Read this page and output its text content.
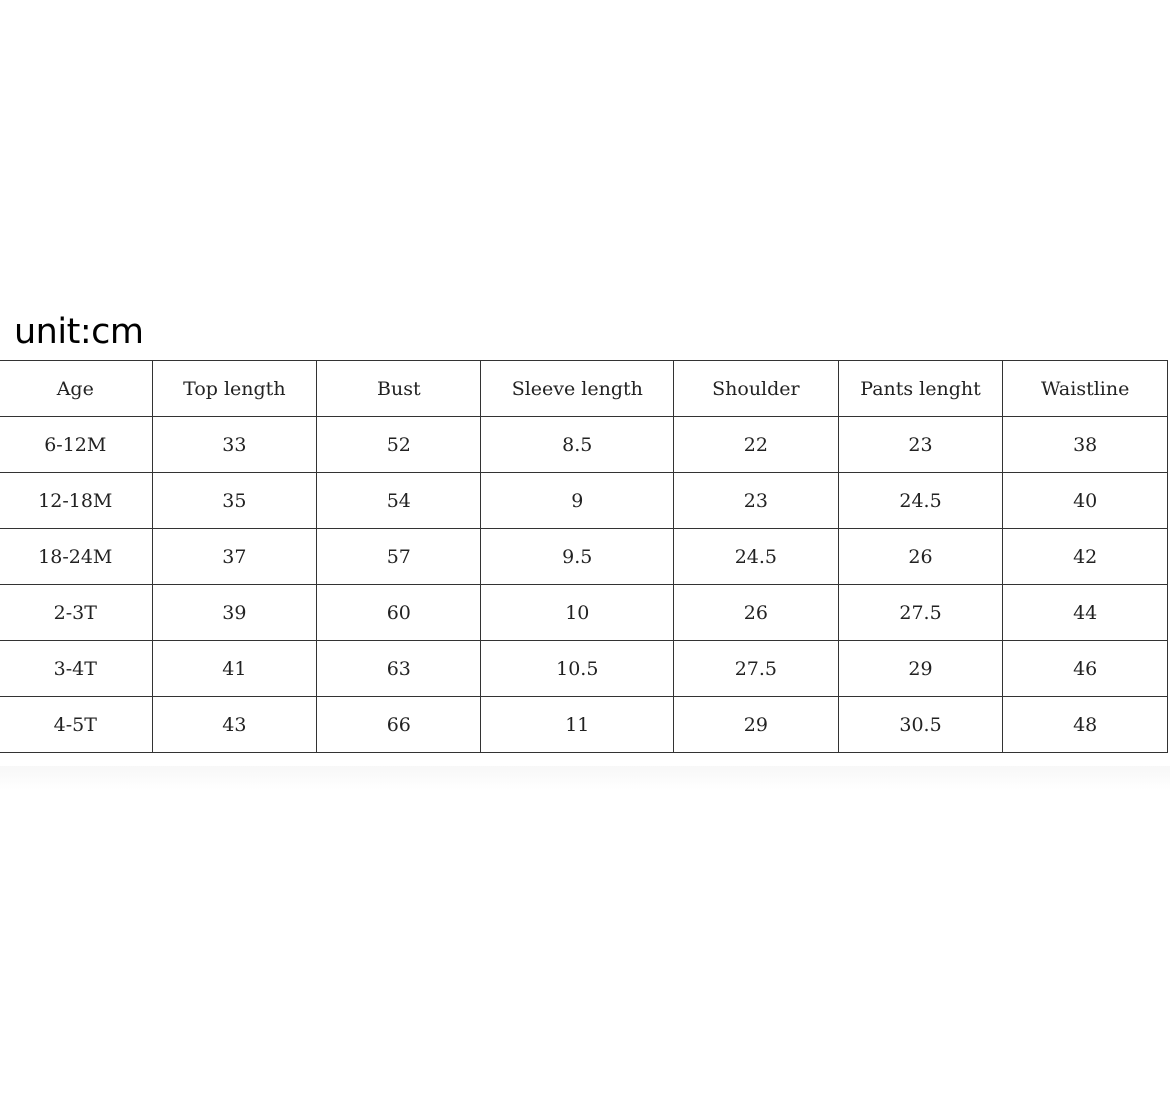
unit:cm
Age	Top length	Bust	Sleeve length	Shoulder	Pants lenght	Waistline
6-12M	33	52	8.5	22	23	38
12-18M	35	54	9	23	24.5	40
18-24M	37	57	9.5	24.5	26	42
2-3T	39	60	10	26	27.5	44
3-4T	41	63	10.5	27.5	29	46
4-5T	43	66	11	29	30.5	48
